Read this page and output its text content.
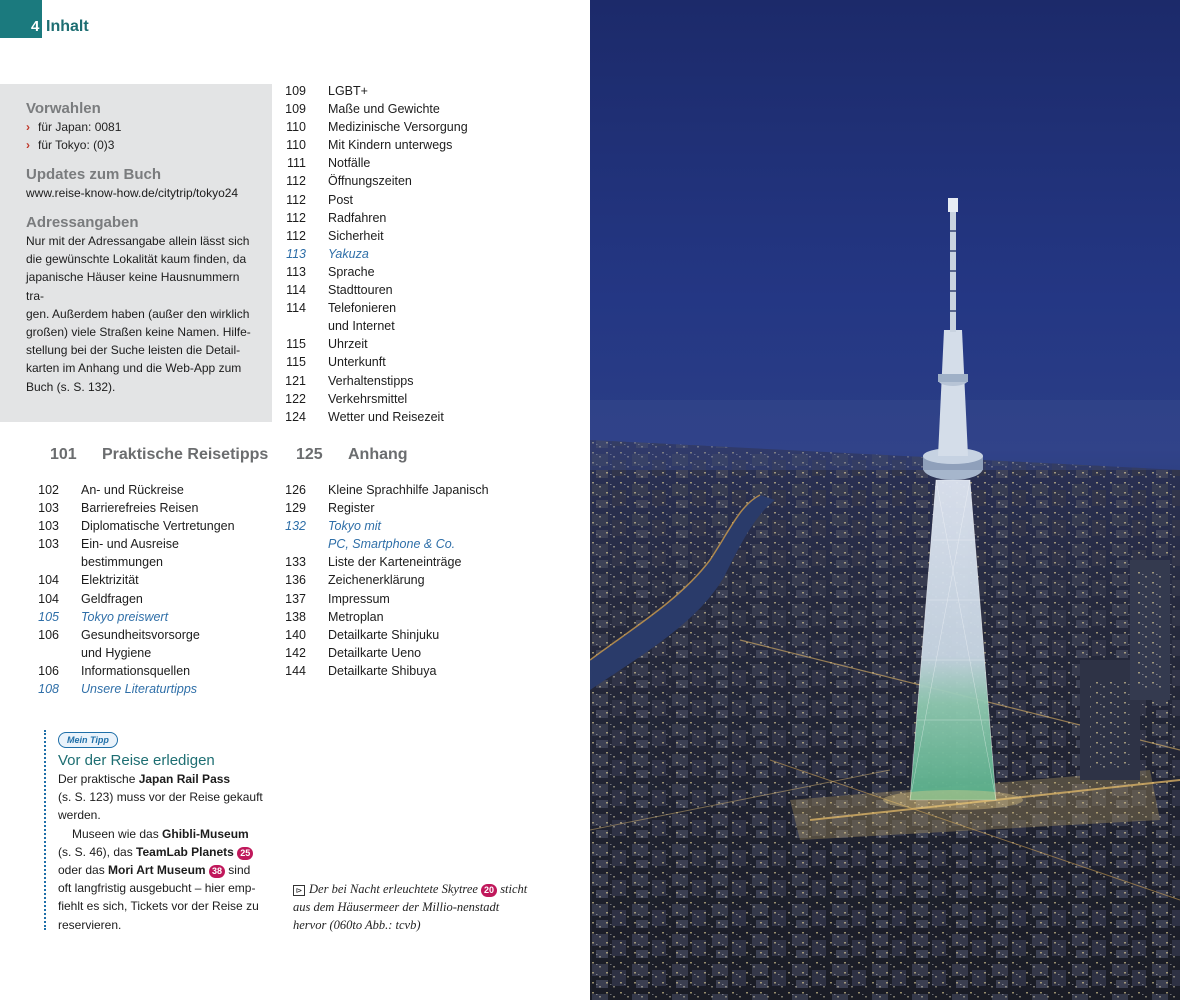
4 Inhalt
Vorwahlen
› für Japan: 0081
› für Tokyo: (0)3
Updates zum Buch
www.reise-know-how.de/citytrip/tokyo24
Adressangaben
Nur mit der Adressangabe allein lässt sich
die gewünschte Lokalität kaum finden, da
japanische Häuser keine Hausnummern tra-
gen. Außerdem haben (außer den wirklich
großen) viele Straßen keine Namen. Hilfe-
stellung bei der Suche leisten die Detail-
karten im Anhang und die Web-App zum
Buch (s. S. 132).
109	LGBT+
109	Maße und Gewichte
110	Medizinische Versorgung
110	Mit Kindern unterwegs
111	Notfälle
112	Öffnungszeiten
112	Post
112	Radfahren
112	Sicherheit
113	Yakuza
113	Sprache
114	Stadttouren
114	Telefonieren
und Internet
115	Uhrzeit
115	Unterkunft
121	Verhaltenstipps
122	Verkehrsmittel
124	Wetter und Reisezeit
101	Praktische Reisetipps 125	Anhang
102	An- und Rückreise
103	Barrierefreies Reisen
103	Diplomatische Vertretungen
103	Ein- und Ausreise
bestimmungen
104	Elektrizität
104	Geldfragen
105	Tokyo preiswert
106	Gesundheitsvorsorge
und Hygiene
106	Informationsquellen
108	Unsere Literaturtipps
126	Kleine Sprachhilfe Japanisch
129	Register
132	Tokyo mit
PC, Smartphone & Co.
133	Liste der Karteneinträge
136	Zeichenerklärung
137	Impressum
138	Metroplan
140	Detailkarte Shinjuku
142	Detailkarte Ueno
144	Detailkarte Shibuya
Mein Tipp
Vor der Reise erledigen
Der praktische Japan Rail Pass
(s. S. 123) muss vor der Reise gekauft werden.
Museen wie das Ghibli-Museum
(s. S. 46), das TeamLab Planets 25
oder das Mori Art Museum 38 sind
oft langfristig ausgebucht – hier emp-fiehlt es sich, Tickets vor der Reise zu reservieren.
⊳ Der bei Nacht erleuchtete Skytree 20 sticht aus dem Häusermeer der Millio-nenstadt hervor (060to Abb.: tcvb)
